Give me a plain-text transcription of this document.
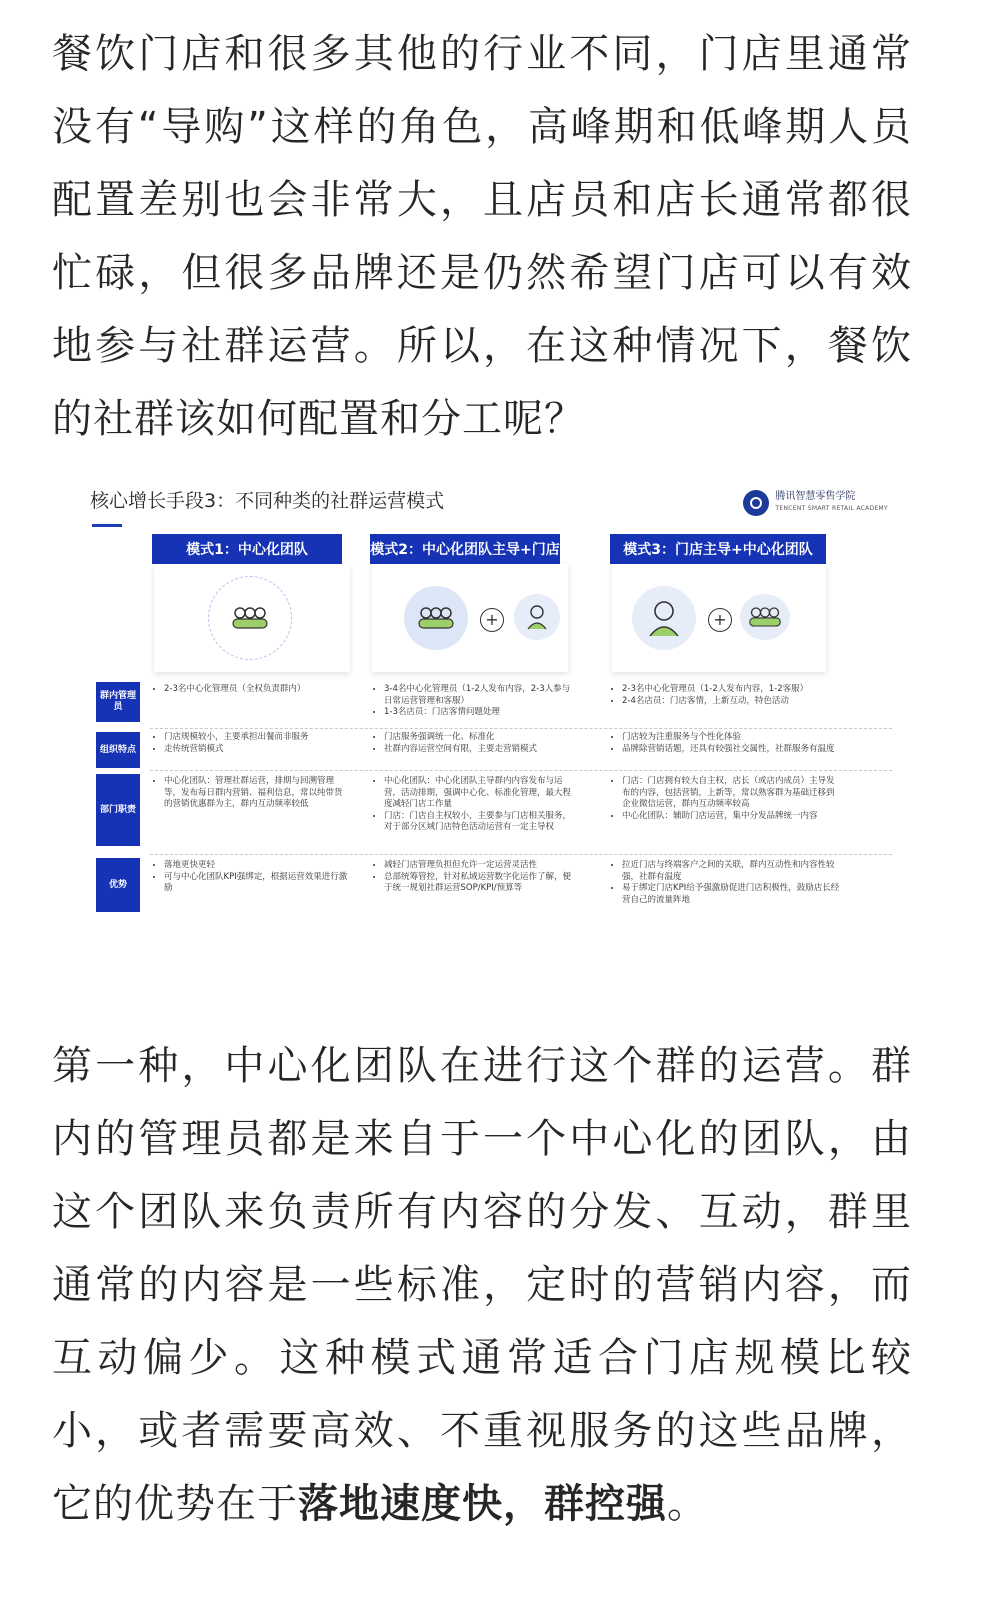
餐饮门店和很多其他的行业不同，门店里通常没有“导购”这样的角色，高峰期和低峰期人员配置差别也会非常大，且店员和店长通常都很忙碌，但很多品牌还是仍然希望门店可以有效地参与社群运营。所以，在这种情况下，餐饮的社群该如何配置和分工呢？

核心增长手段3：不同种类的社群运营模式	腾讯智慧零售学院
TENCENT SMART RETAIL ACADEMY
模式1：中心化团队	模式2：中心化团队主导+门店	模式3：门店主导+中心化团队
+	+
群内管理员
• 2-3名中心化管理员（全权负责群内）
•	3-4名中心化管理员（1-2人发布内容，2-3人参与日常运营管理和客服）
• 1-3名店员：门店客情问题处理
• 2-3名中心化管理员（1-2人发布内容，1-2客服）
• 2-4名店员：门店客情，上新互动，特色活动
组织特点
• 门店规模较小，主要承担出餐而非服务
• 走传统营销模式
• 门店服务强调统一化、标准化
• 社群内容运营空间有限，主要走营销模式
• 门店较为注重服务与个性化体验
• 品牌除营销话题，还具有较强社交属性，社群服务有温度
部门职责
• 中心化团队：管理社群运营，排期与回溯管理等，发布每日群内营销、福利信息，常以纯带货的营销优惠群为主，群内互动频率较低
• 中心化团队：中心化团队主导群内内容发布与运营，活动排期，强调中心化、标准化管理，最大程度减轻门店工作量
• 门店：门店自主权较小，主要参与门店相关服务，对于部分区域门店特色活动运营有一定主导权
• 门店：门店拥有较大自主权，店长（或店内成员）主导发布的内容，包括营销，上新等，常以熟客群为基础迁移到企业微信运营，群内互动频率较高
• 中心化团队：辅助门店运营，集中分发品牌统一内容
优势
• 落地更快更轻
• 可与中心化团队KPI强绑定，根据运营效果进行激励
• 减轻门店管理负担但允许一定运营灵活性
• 总部统筹管控，针对私域运营数字化运作了解，便于统一规划社群运营SOP/KPI/预算等
• 拉近门店与终端客户之间的关联，群内互动性和内容性较强，社群有温度
• 易于绑定门店KPI给予强激励促进门店积极性，鼓励店长经营自己的流量阵地

第一种，中心化团队在进行这个群的运营。群内的管理员都是来自于一个中心化的团队，由这个团队来负责所有内容的分发、互动，群里通常的内容是一些标准，定时的营销内容，而互动偏少。这种模式通常适合门店规模比较小，或者需要高效、不重视服务的这些品牌，它的优势在于落地速度快，群控强。
